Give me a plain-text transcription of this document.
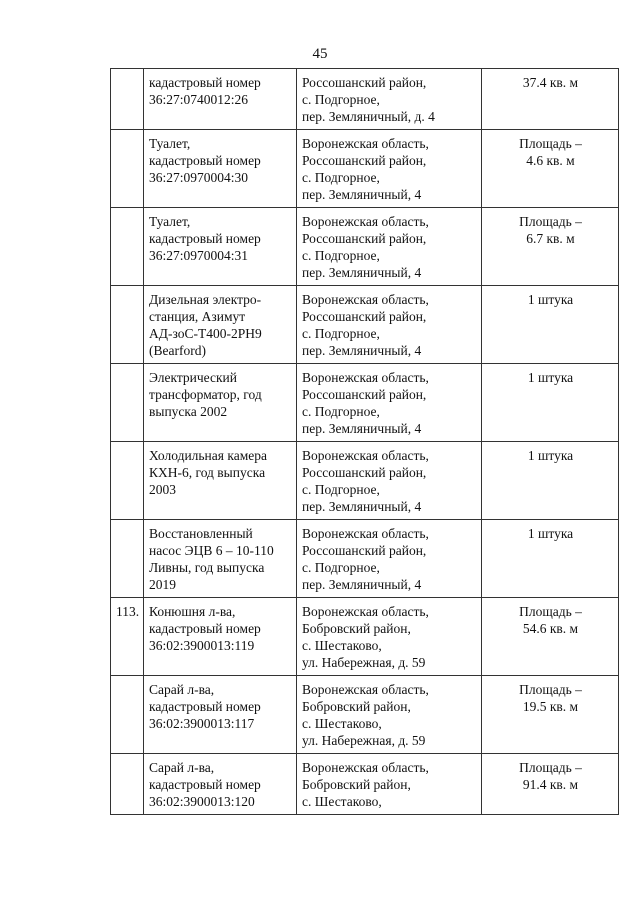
45

	кадастровый номер
36:27:0740012:26	Россошанский район,
с. Подгорное,
пер. Земляничный, д. 4	37.4 кв. м

	Туалет,
кадастровый номер
36:27:0970004:30	Воронежская область,
Россошанский район,
с. Подгорное,
пер. Земляничный, 4	Площадь –
4.6 кв. м

	Туалет,
кадастровый номер
36:27:0970004:31	Воронежская область,
Россошанский район,
с. Подгорное,
пер. Земляничный, 4	Площадь –
6.7 кв. м

	Дизельная электро-
станция, Азимут
АД-зоС-Т400-2РН9
(Bearford)	Воронежская область,
Россошанский район,
с. Подгорное,
пер. Земляничный, 4	1 штука

	Электрический
трансформатор, год
выпуска 2002	Воронежская область,
Россошанский район,
с. Подгорное,
пер. Земляничный, 4	1 штука

	Холодильная камера
КХН-6, год выпуска
2003	Воронежская область,
Россошанский район,
с. Подгорное,
пер. Земляничный, 4	1 штука

	Восстановленный
насос ЭЦВ 6 – 10-110
Ливны, год выпуска
2019	Воронежская область,
Россошанский район,
с. Подгорное,
пер. Земляничный, 4	1 штука

113.	Конюшня л-ва,
кадастровый номер
36:02:3900013:119	Воронежская область,
Бобровский район,
с. Шестаково,
ул. Набережная, д. 59	Площадь –
54.6 кв. м

	Сарай л-ва,
кадастровый номер
36:02:3900013:117	Воронежская область,
Бобровский район,
с. Шестаково,
ул. Набережная, д. 59	Площадь –
19.5 кв. м

	Сарай л-ва,
кадастровый номер
36:02:3900013:120	Воронежская область,
Бобровский район,
с. Шестаково,	Площадь –
91.4 кв. м
